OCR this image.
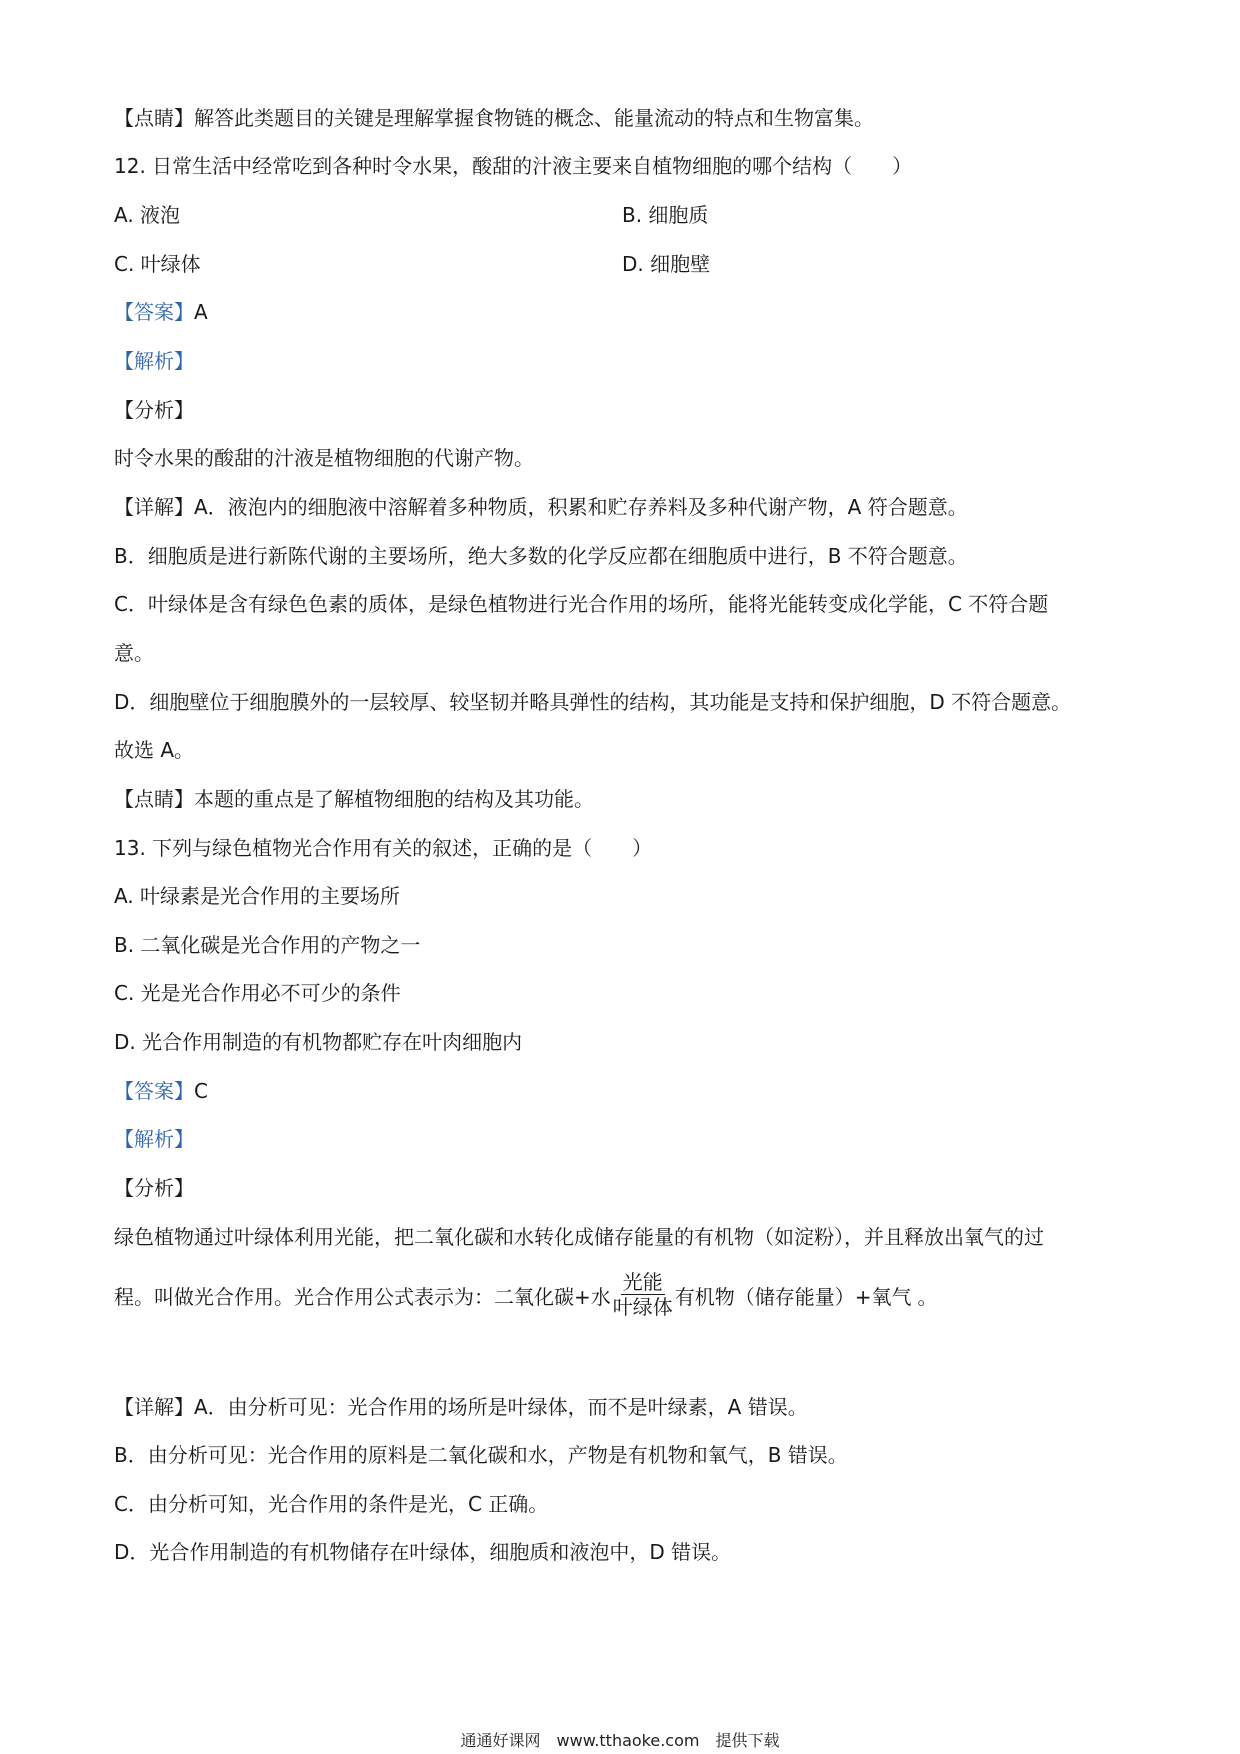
【点睛】解答此类题目的关键是理解掌握食物链的概念、能量流动的特点和生物富集。
12. 日常生活中经常吃到各种时令水果，酸甜的汁液主要来自植物细胞的哪个结构（　　）
A. 液泡	B. 细胞质
C. 叶绿体	D. 细胞壁
【答案】A
【解析】
【分析】
时令水果的酸甜的汁液是植物细胞的代谢产物。
【详解】A．液泡内的细胞液中溶解着多种物质，积累和贮存养料及多种代谢产物，A 符合题意。
B．细胞质是进行新陈代谢的主要场所，绝大多数的化学反应都在细胞质中进行，B 不符合题意。
C．叶绿体是含有绿色色素的质体，是绿色植物进行光合作用的场所，能将光能转变成化学能，C 不符合题
意。
D．细胞壁位于细胞膜外的一层较厚、较坚韧并略具弹性的结构，其功能是支持和保护细胞，D 不符合题意。
故选 A。
【点睛】本题的重点是了解植物细胞的结构及其功能。
13. 下列与绿色植物光合作用有关的叙述，正确的是（　　）
A. 叶绿素是光合作用的主要场所
B. 二氧化碳是光合作用的产物之一
C. 光是光合作用必不可少的条件
D. 光合作用制造的有机物都贮存在叶肉细胞内
【答案】C
【解析】
【分析】
绿色植物通过叶绿体利用光能，把二氧化碳和水转化成储存能量的有机物（如淀粉），并且释放出氧气的过
程。叫做光合作用。光合作用公式表示为： 二氧化碳+水 $\frac{\text{光能}}{\text{叶绿体}}$ 有机物（储存能量）+氧气 。
【详解】A．由分析可见：光合作用的场所是叶绿体，而不是叶绿素，A 错误。
B．由分析可见：光合作用的原料是二氧化碳和水，产物是有机物和氧气，B 错误。
C．由分析可知，光合作用的条件是光，C 正确。
D．光合作用制造的有机物储存在叶绿体，细胞质和液泡中，D 错误。
通通好课网　www.tthaoke.com　提供下载
